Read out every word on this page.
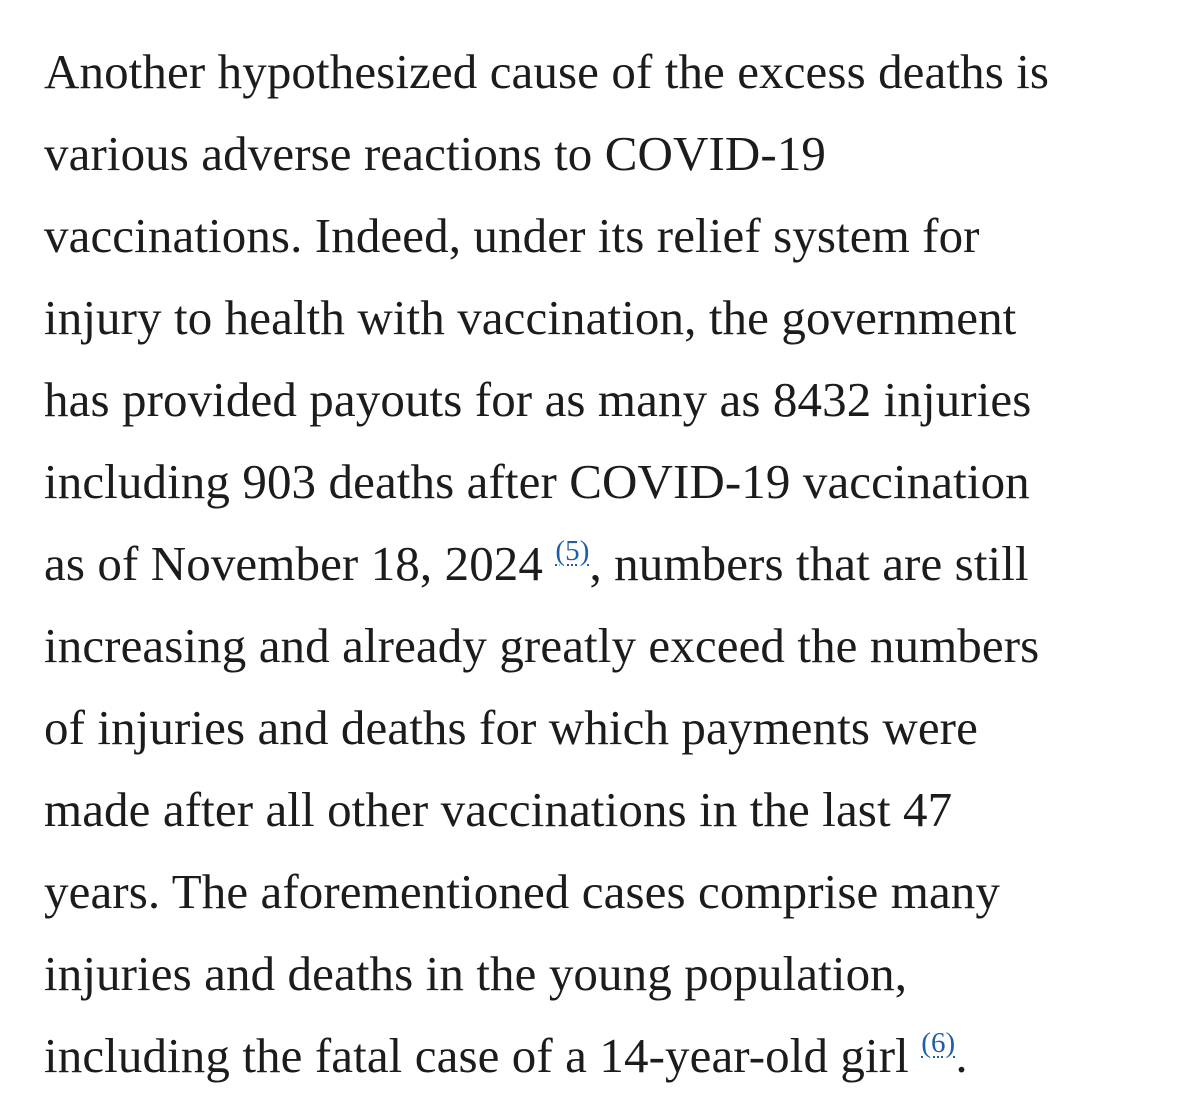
Another hypothesized cause of the excess deaths is
various adverse reactions to COVID-19
vaccinations. Indeed, under its relief system for
injury to health with vaccination, the government
has provided payouts for as many as 8432 injuries
including 903 deaths after COVID-19 vaccination
as of November 18, 2024 $^{(5)}$, numbers that are still
increasing and already greatly exceed the numbers
of injuries and deaths for which payments were
made after all other vaccinations in the last 47
years. The aforementioned cases comprise many
injuries and deaths in the young population,
including the fatal case of a 14-year-old girl $^{(6)}$.
